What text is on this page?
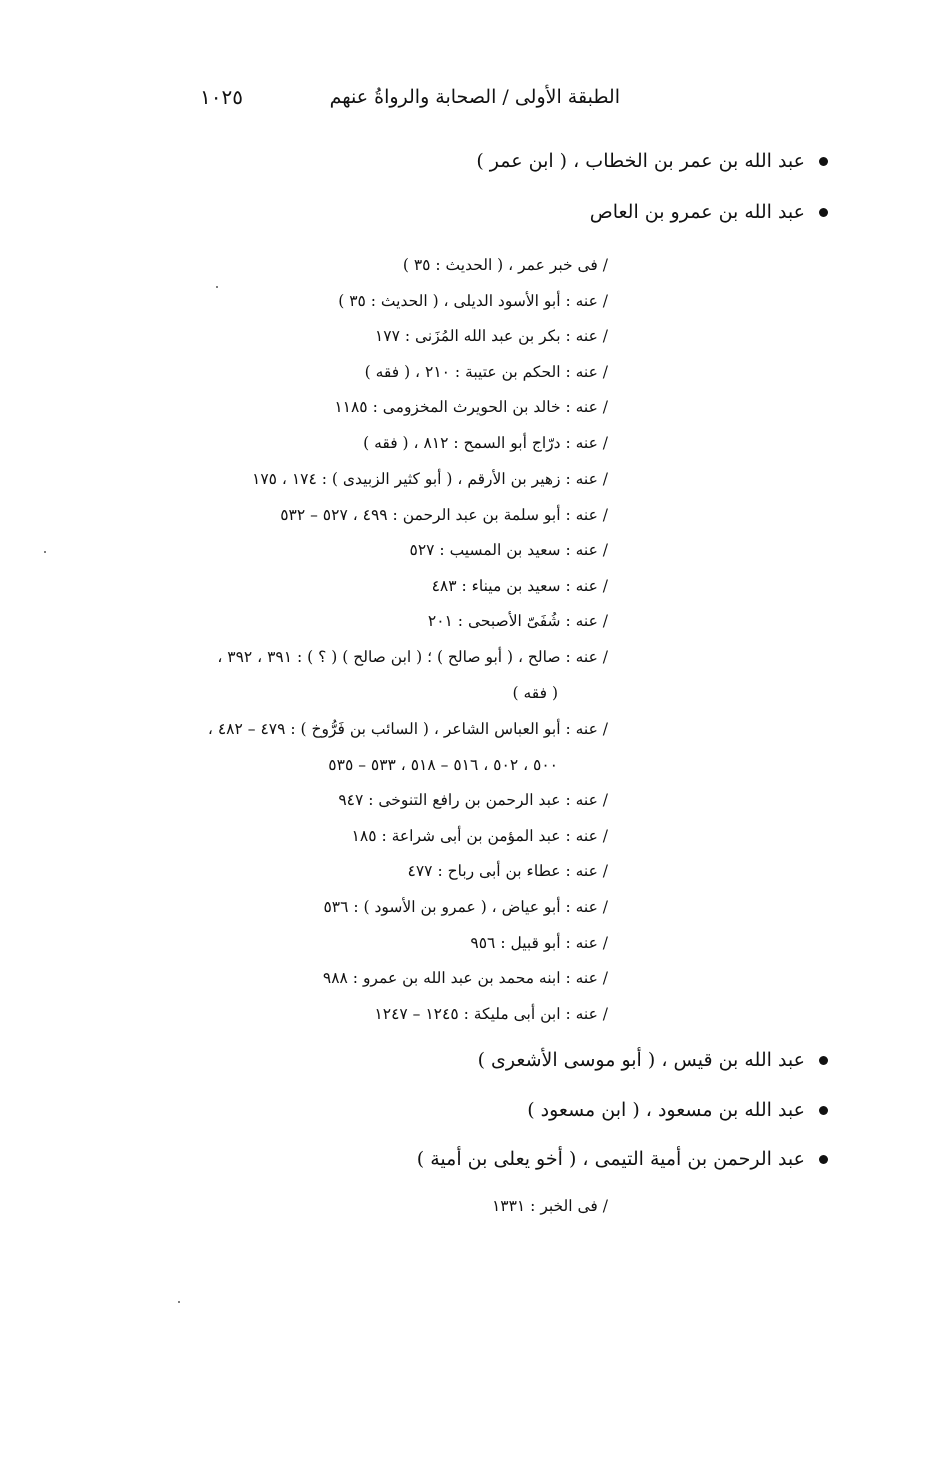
الطبقة الأولى / الصحابة والرواةُ عنهم
١٠٢٥
عبد الله بن عمر بن الخطاب ، ( ابن عمر )
عبد الله بن عمرو بن العاص
/ فى خبر عمر ، ( الحديث : ٣٥ )
/ عنه : أبو الأسود الديلى ، ( الحديث : ٣٥ )
/ عنه : بكر بن عبد الله المُزَنى : ١٧٧
/ عنه : الحكم بن عتيبة : ٢١٠ ، ( فقه )
/ عنه : خالد بن الحويرث المخزومى : ١١٨٥
/ عنه : درّاج أبو السمح : ٨١٢ ، ( فقه )
/ عنه : زهير بن الأرقم ، ( أبو كثير الزبيدى ) : ١٧٤ ، ١٧٥
/ عنه : أبو سلمة بن عبد الرحمن : ٤٩٩ ، ٥٢٧ – ٥٣٢
/ عنه : سعيد بن المسيب : ٥٢٧
/ عنه : سعيد بن ميناء : ٤٨٣
/ عنه : شُفَىّ الأصبحى : ٢٠١
/ عنه : صالح ، ( أبو صالح ) ؛ ( ابن صالح ) ( ؟ ) : ٣٩١ ، ٣٩٢ ،
( فقه )
/ عنه : أبو العباس الشاعر ، ( السائب بن فَرُّوخ ) : ٤٧٩ – ٤٨٢ ،
٥٠٠ ، ٥٠٢ ، ٥١٦ – ٥١٨ ، ٥٣٣ – ٥٣٥
/ عنه : عبد الرحمن بن رافع التنوخى : ٩٤٧
/ عنه : عبد المؤمن بن أبى شراعة : ١٨٥
/ عنه : عطاء بن أبى رباح : ٤٧٧
/ عنه : أبو عياض ، ( عمرو بن الأسود ) : ٥٣٦
/ عنه : أبو قبيل : ٩٥٦
/ عنه : ابنه محمد بن عبد الله بن عمرو : ٩٨٨
/ عنه : ابن أبى مليكة : ١٢٤٥ – ١٢٤٧
عبد الله بن قيس ، ( أبو موسى الأشعرى )
عبد الله بن مسعود ، ( ابن مسعود )
عبد الرحمن بن أمية التيمى ، ( أخو يعلى بن أمية )
/ فى الخبر : ١٣٣١
